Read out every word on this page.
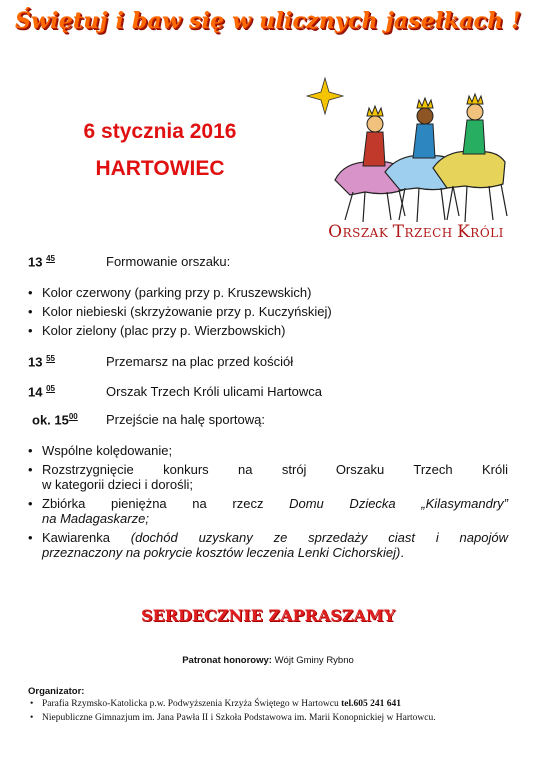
Świętuj i baw się w ulicznych jasełkach !
6 stycznia 2016
HARTOWIEC
ORSZAK TRZECH KRÓLI
13 $^{45}$	Formowanie orszaku:
• Kolor czerwony (parking przy p. Kruszewskich)
• Kolor niebieski (skrzyżowanie przy p. Kuczyńskiej)
• Kolor zielony (plac przy p. Wierzbowskich)
13 $^{55}$	Przemarsz na plac przed kościół
14 $^{05}$	Orszak Trzech Króli ulicami Hartowca
ok. $15^{00}$ Przejście na halę sportową:
• Wspólne kolędowanie;
• Rozstrzygnięcie konkurs na strój Orszaku Trzech Króli
w kategorii dzieci i dorośli;
• Zbiórka pieniężna na rzecz Domu Dziecka „Kilasymandry”
na Madagaskarze;
• Kawiarenka (dochód uzyskany ze sprzedaży ciast i napojów
przeznaczony na pokrycie kosztów leczenia Lenki Cichorskiej).
SERDECZNIE ZAPRASZAMY
Patronat honorowy: Wójt Gminy Rybno
Organizator:
• Parafia Rzymsko-Katolicka p.w. Podwyższenia Krzyża Świętego w Hartowcu tel.605 241 641
• Niepubliczne Gimnazjum im. Jana Pawła II i Szkoła Podstawowa im. Marii Konopnickiej w Hartowcu.
